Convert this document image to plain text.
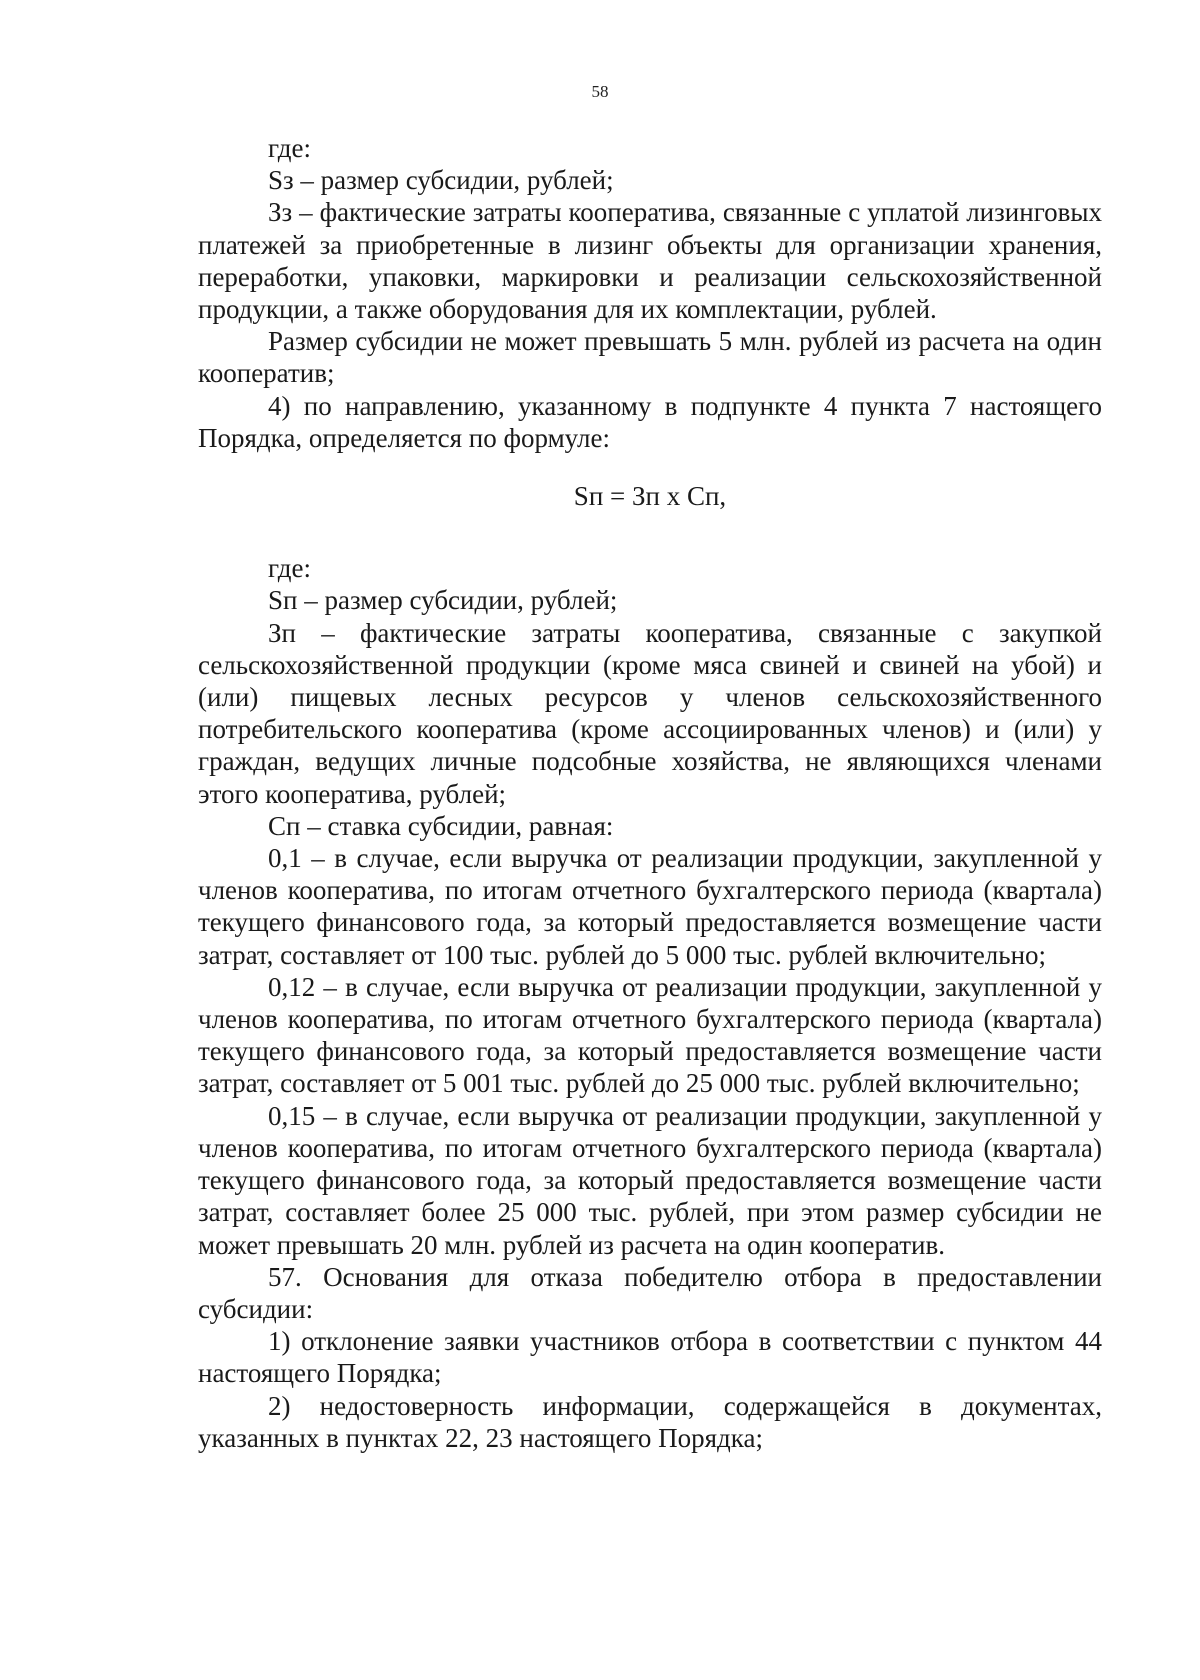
58

где:

Sз – размер субсидии, рублей;

Зз – фактические затраты кооператива, связанные с уплатой лизинговых платежей за приобретенные в лизинг объекты для организации хранения, переработки, упаковки, маркировки и реализации сельскохозяйственной продукции, а также оборудования для их комплектации, рублей.

Размер субсидии не может превышать 5 млн. рублей из расчета на один кооператив;

4) по направлению, указанному в подпункте 4 пункта 7 настоящего Порядка, определяется по формуле:

Sп = Зп х Сп,

где:

Sп – размер субсидии, рублей;

Зп – фактические затраты кооператива, связанные с закупкой сельскохозяйственной продукции (кроме мяса свиней и свиней на убой) и (или) пищевых лесных ресурсов у членов сельскохозяйственного потребительского кооператива (кроме ассоциированных членов) и (или) у граждан, ведущих личные подсобные хозяйства, не являющихся членами этого кооператива, рублей;

Сп – ставка субсидии, равная:

0,1 – в случае, если выручка от реализации продукции, закупленной у членов кооператива, по итогам отчетного бухгалтерского периода (квартала) текущего финансового года, за который предоставляется возмещение части затрат, составляет от 100 тыс. рублей до 5 000 тыс. рублей включительно;

0,12 – в случае, если выручка от реализации продукции, закупленной у членов кооператива, по итогам отчетного бухгалтерского периода (квартала) текущего финансового года, за который предоставляется возмещение части затрат, составляет от 5 001 тыс. рублей до 25 000 тыс. рублей включительно;

0,15 – в случае, если выручка от реализации продукции, закупленной у членов кооператива, по итогам отчетного бухгалтерского периода (квартала) текущего финансового года, за который предоставляется возмещение части затрат, составляет более 25 000 тыс. рублей, при этом размер субсидии не может превышать 20 млн. рублей из расчета на один кооператив.

57. Основания для отказа победителю отбора в предоставлении субсидии:

1) отклонение заявки участников отбора в соответствии с пунктом 44 настоящего Порядка;

2) недостоверность информации, содержащейся в документах, указанных в пунктах 22, 23 настоящего Порядка;
